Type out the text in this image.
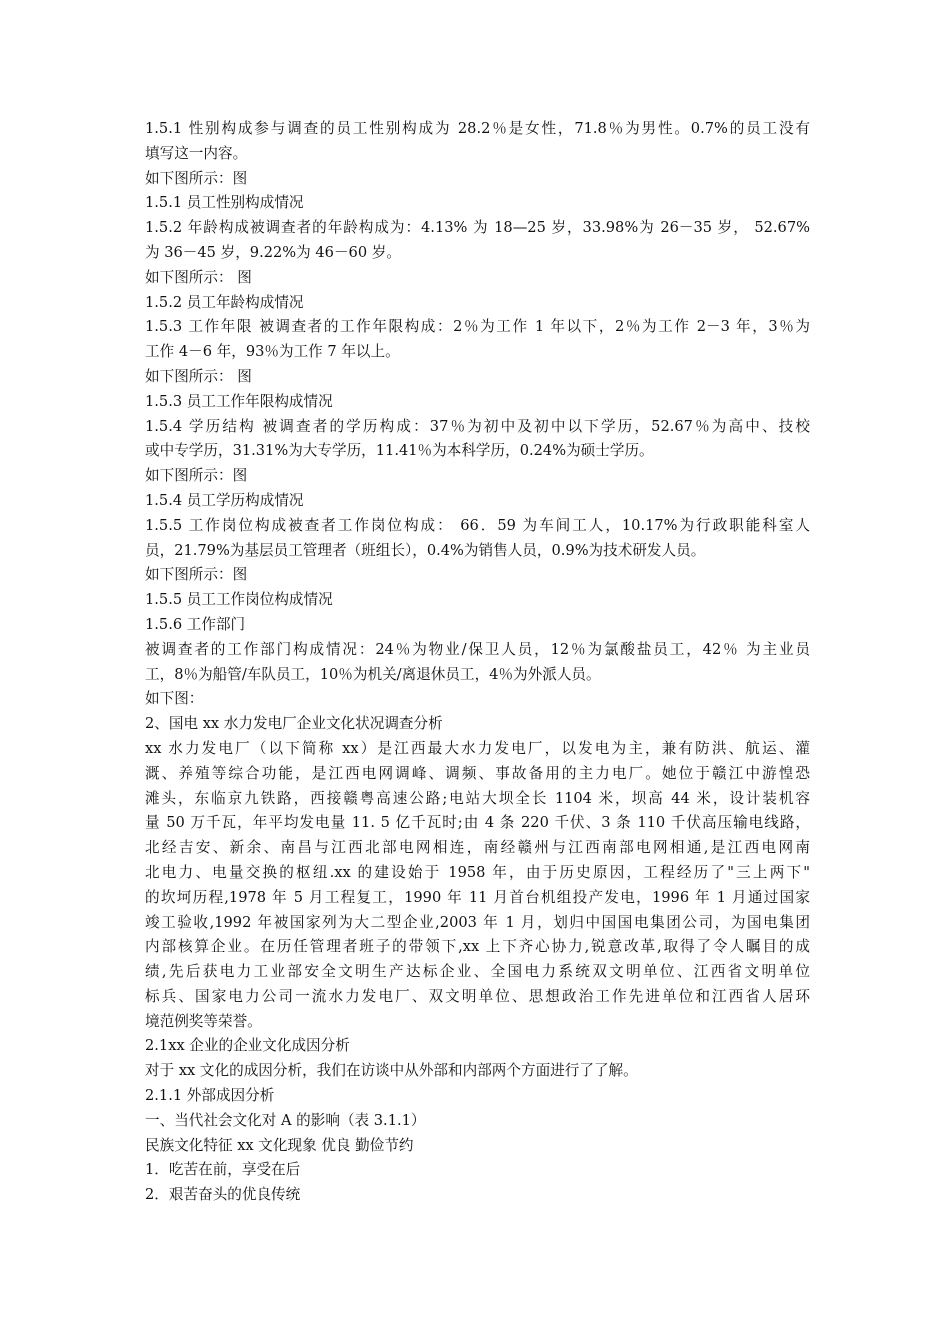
1.5.1 性别构成参与调查的员工性别构成为 28.2％是女性，71.8％为男性。0.7%的员工没有
填写这一内容。
如下图所示：图
1.5.1 员工性别构成情况
1.5.2 年龄构成被调查者的年龄构成为：4.13% 为 18—25 岁，33.98%为 26－35 岁， 52.67%
为 36－45 岁，9.22%为 46－60 岁。
如下图所示： 图
1.5.2 员工年龄构成情况
1.5.3 工作年限 被调查者的工作年限构成：2％为工作 1 年以下，2％为工作 2－3 年，3％为
工作 4－6 年，93％为工作 7 年以上。
如下图所示： 图
1.5.3 员工工作年限构成情况
1.5.4 学历结构 被调查者的学历构成：37％为初中及初中以下学历，52.67％为高中、技校
或中专学历，31.31%为大专学历，11.41％为本科学历，0.24%为硕士学历。
如下图所示：图
1.5.4 员工学历构成情况
1.5.5 工作岗位构成被查者工作岗位构成： 66．59 为车间工人，10.17%为行政职能科室人
员，21.79%为基层员工管理者（班组长），0.4%为销售人员，0.9%为技术研发人员。
如下图所示：图
1.5.5 员工工作岗位构成情况
1.5.6 工作部门
被调查者的工作部门构成情况：24％为物业/保卫人员，12％为氯酸盐员工，42％ 为主业员
工，8％为船管/车队员工，10％为机关/离退休员工，4％为外派人员。
如下图：
2、国电 xx 水力发电厂企业文化状况调查分析
xx 水力发电厂（以下简称 xx）是江西最大水力发电厂，以发电为主，兼有防洪、航运、灌
溉、养殖等综合功能，是江西电网调峰、调频、事故备用的主力电厂。她位于赣江中游惶恐
滩头，东临京九铁路，西接赣粤高速公路;电站大坝全长 1104 米，坝高 44 米，设计装机容
量 50 万千瓦，年平均发电量 11. 5 亿千瓦时;由 4 条 220 千伏、3 条 110 千伏高压输电线路，
北经吉安、新余、南昌与江西北部电网相连，南经赣州与江西南部电网相通,是江西电网南
北电力、电量交换的枢纽.xx 的建设始于 1958 年，由于历史原因，工程经历了"三上两下"
的坎坷历程,1978 年 5 月工程复工，1990 年 11 月首台机组投产发电，1996 年 1 月通过国家
竣工验收,1992 年被国家列为大二型企业,2003 年 1 月，划归中国国电集团公司，为国电集团
内部核算企业。在历任管理者班子的带领下,xx 上下齐心协力,锐意改革,取得了令人瞩目的成
绩,先后获电力工业部安全文明生产达标企业、全国电力系统双文明单位、江西省文明单位
标兵、国家电力公司一流水力发电厂、双文明单位、思想政治工作先进单位和江西省人居环
境范例奖等荣誉。
2.1xx 企业的企业文化成因分析
对于 xx 文化的成因分析，我们在访谈中从外部和内部两个方面进行了了解。
2.1.1 外部成因分析
一、当代社会文化对 A 的影响（表 3.1.1）
民族文化特征 xx 文化现象 优良 勤俭节约
1．吃苦在前，享受在后
2．艰苦奋头的优良传统
